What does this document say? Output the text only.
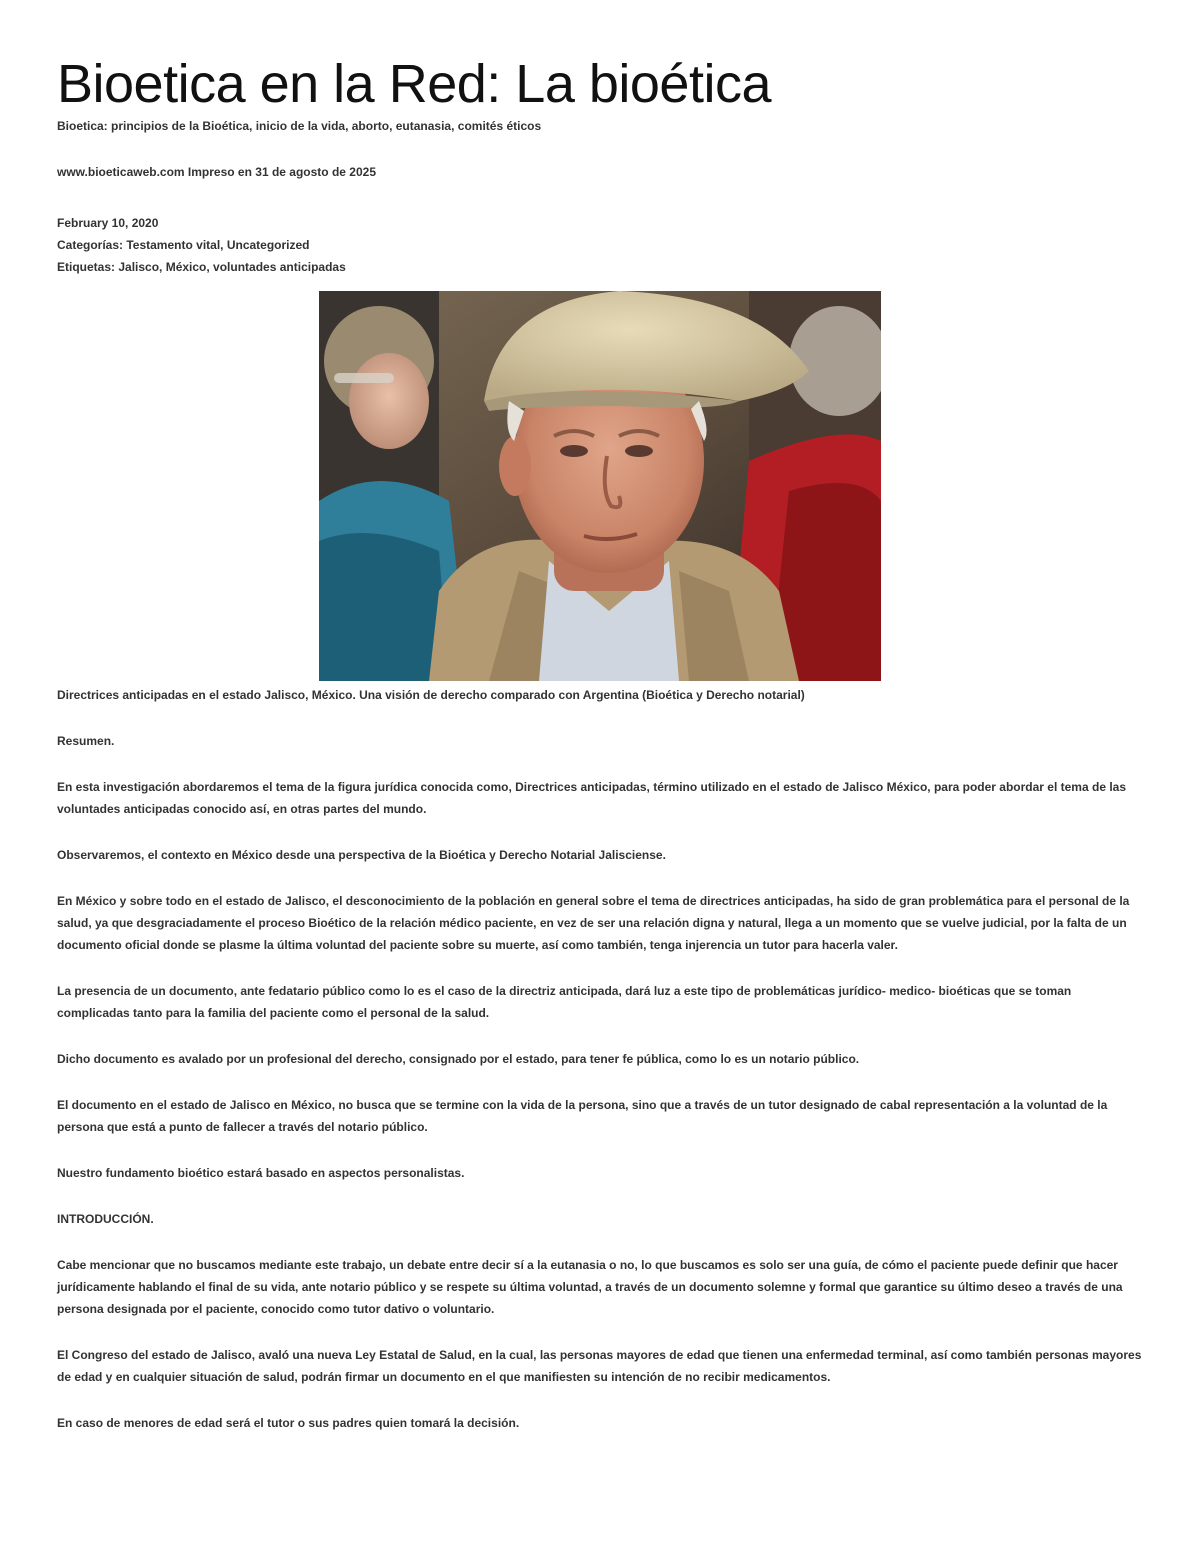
Bioetica en la Red: La bioética
Bioetica: principios de la Bioética, inicio de la vida, aborto, eutanasia, comités éticos
www.bioeticaweb.com Impreso en 31 de agosto de 2025
February 10, 2020
Categorías: Testamento vital, Uncategorized
Etiquetas: Jalisco, México, voluntades anticipadas

Directrices anticipadas en el estado Jalisco, México. Una visión de derecho comparado con Argentina (Bioética y Derecho notarial)

Resumen.

En esta investigación abordaremos el tema de la figura jurídica conocida como, Directrices anticipadas, término utilizado en el estado de Jalisco México, para poder abordar el tema de las voluntades anticipadas conocido así, en otras partes del mundo.

Observaremos, el contexto en México desde una perspectiva de la Bioética y Derecho Notarial Jalisciense.

En México y sobre todo en el estado de Jalisco, el desconocimiento de la población en general sobre el tema de directrices anticipadas, ha sido de gran problemática para el personal de la salud, ya que desgraciadamente el proceso Bioético de la relación médico paciente, en vez de ser una relación digna y natural, llega a un momento que se vuelve judicial, por la falta de un documento oficial donde se plasme la última voluntad del paciente sobre su muerte, así como también, tenga injerencia un tutor para hacerla valer.

La presencia de un documento, ante fedatario público como lo es el caso de la directriz anticipada, dará luz a este tipo de problemáticas jurídico- medico- bioéticas que se toman complicadas tanto para la familia del paciente como el personal de la salud.

Dicho documento es avalado por un profesional del derecho, consignado por el estado, para tener fe pública, como lo es un notario público.

El documento en el estado de Jalisco en México, no busca que se termine con la vida de la persona, sino que a través de un tutor designado de cabal representación a la voluntad de la persona que está a punto de fallecer a través del notario público.

Nuestro fundamento bioético estará basado en aspectos personalistas.

INTRODUCCIÓN.

Cabe mencionar que no buscamos mediante este trabajo, un debate entre decir sí a la eutanasia o no, lo que buscamos es solo ser una guía, de cómo el paciente puede definir que hacer jurídicamente hablando el final de su vida, ante notario público y se respete su última voluntad, a través de un documento solemne y formal que garantice su último deseo a través de una persona designada por el paciente, conocido como tutor dativo o voluntario.

El Congreso del estado de Jalisco, avaló una nueva Ley Estatal de Salud, en la cual, las personas mayores de edad que tienen una enfermedad terminal, así como también personas mayores de edad y en cualquier situación de salud, podrán firmar un documento en el que manifiesten su intención de no recibir medicamentos.

En caso de menores de edad será el tutor o sus padres quien tomará la decisión.
